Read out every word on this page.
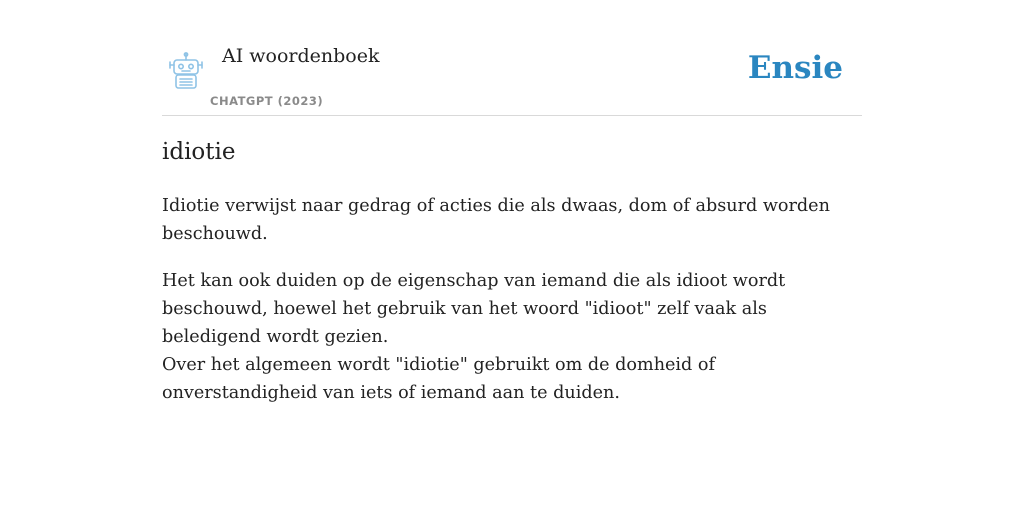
AI woordenboek
CHATGPT (2023)
Ensie
idiotie

Idiotie verwijst naar gedrag of acties die als dwaas, dom of absurd worden beschouwd.

Het kan ook duiden op de eigenschap van iemand die als idioot wordt beschouwd, hoewel het gebruik van het woord "idioot" zelf vaak als beledigend wordt gezien.

Over het algemeen wordt "idiotie" gebruikt om de domheid of onverstandigheid van iets of iemand aan te duiden.
